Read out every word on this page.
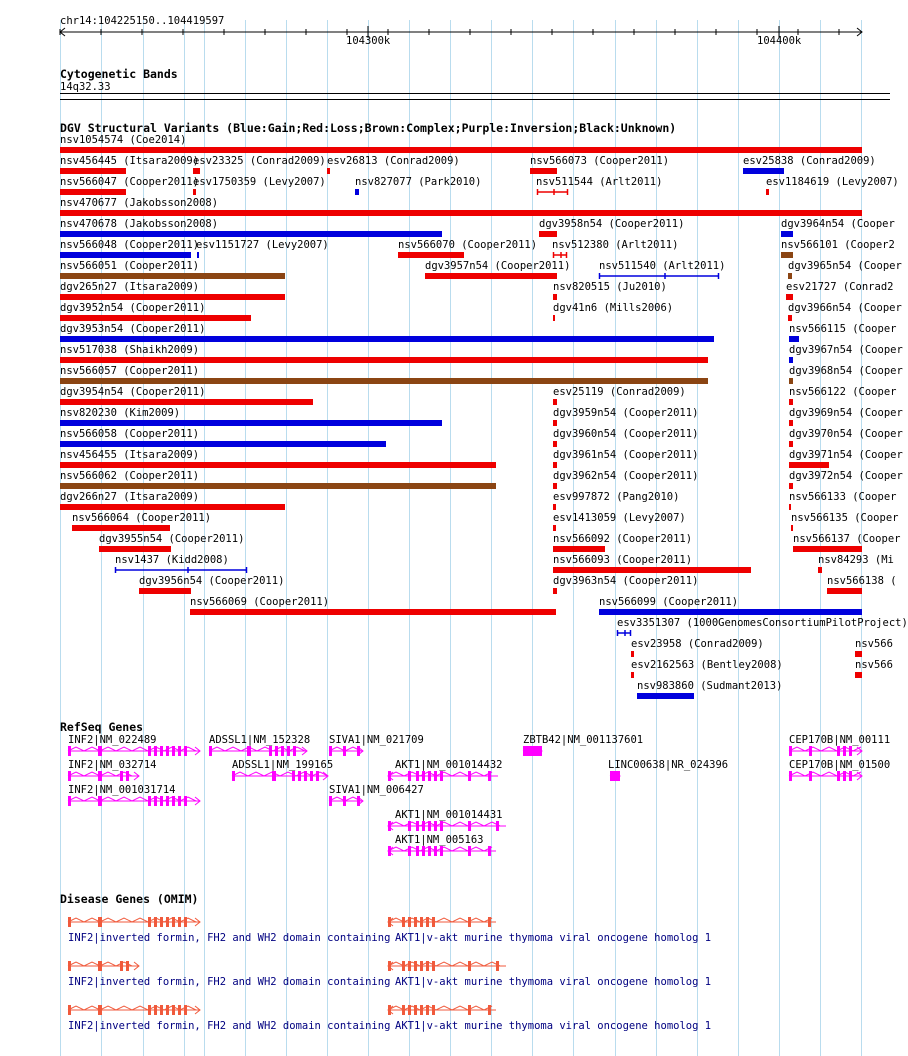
chr14:104225150..104419597
104300k	104400k
Cytogenetic Bands
14q32.33
DGV Structural Variants (Blue:Gain;Red:Loss;Brown:Complex;Purple:Inversion;Black:Unknown)
nsv1054574 (Coe2014)
nsv456445 (Itsara2009)
esv23325 (Conrad2009) esv26813 (Conrad2009)	nsv566073 (Cooper2011)	esv25838 (Conrad2009)
nsv566047 (Cooper2011)
esv1750359 (Levy2007)	nsv827077 (Park2010)	nsv511544 (Arlt2011)	esv1184619 (Levy2007)
nsv470677 (Jakobsson2008)
nsv470678 (Jakobsson2008)	dgv3958n54 (Cooper2011)	dgv3964n54 (Cooper
nsv566048 (Cooper2011)
esv1151727 (Levy2007)	nsv566070 (Cooper2011) nsv512380 (Arlt2011)	nsv566101 (Cooper2
nsv566051 (Cooper2011)	dgv3957n54 (Cooper2011)	nsv511540 (Arlt2011)	dgv3965n54 (Cooper
dgv265n27 (Itsara2009)	nsv820515 (Ju2010)	esv21727 (Conrad2
dgv3952n54 (Cooper2011)	dgv41n6 (Mills2006)	dgv3966n54 (Cooper
dgv3953n54 (Cooper2011)	nsv566115 (Cooper
nsv517038 (Shaikh2009)	dgv3967n54 (Cooper
nsv566057 (Cooper2011)	dgv3968n54 (Cooper
dgv3954n54 (Cooper2011)	esv25119 (Conrad2009)	nsv566122 (Cooper
nsv820230 (Kim2009)	dgv3959n54 (Cooper2011)	dgv3969n54 (Cooper
nsv566058 (Cooper2011)	dgv3960n54 (Cooper2011)	dgv3970n54 (Cooper
nsv456455 (Itsara2009)	dgv3961n54 (Cooper2011)	dgv3971n54 (Cooper
nsv566062 (Cooper2011)	dgv3962n54 (Cooper2011)	dgv3972n54 (Cooper
dgv266n27 (Itsara2009)	esv997872 (Pang2010)	nsv566133 (Cooper
nsv566064 (Cooper2011)	esv1413059 (Levy2007)	nsv566135 (Cooper
dgv3955n54 (Cooper2011)	nsv566092 (Cooper2011)	nsv566137 (Cooper
nsv1437 (Kidd2008)	nsv566093 (Cooper2011)	nsv84293 (Mi
dgv3956n54 (Cooper2011)	dgv3963n54 (Cooper2011)	nsv566138 (
nsv566069 (Cooper2011)	nsv566099 (Cooper2011)
esv3351307 (1000GenomesConsortiumPilotProject)
esv23958 (Conrad2009)	nsv566
esv2162563 (Bentley2008)	nsv566
nsv983860 (Sudmant2013)
RefSeq Genes
INF2|NM_022489	ADSSL1|NM_152328 SIVA1|NM_021709	ZBTB42|NM_001137601	CEP170B|NM_00111
INF2|NM_032714	ADSSL1|NM_199165	AKT1|NM_001014432	LINC00638|NR_024396	CEP170B|NM_01500
INF2|NM_001031714	SIVA1|NM_006427
AKT1|NM_001014431
AKT1|NM_005163
Disease Genes (OMIM)
INF2|inverted formin, FH2 and WH2 domain containing AKT1|v-akt murine thymoma viral oncogene homolog 1
INF2|inverted formin, FH2 and WH2 domain containing AKT1|v-akt murine thymoma viral oncogene homolog 1
INF2|inverted formin, FH2 and WH2 domain containing AKT1|v-akt murine thymoma viral oncogene homolog 1
